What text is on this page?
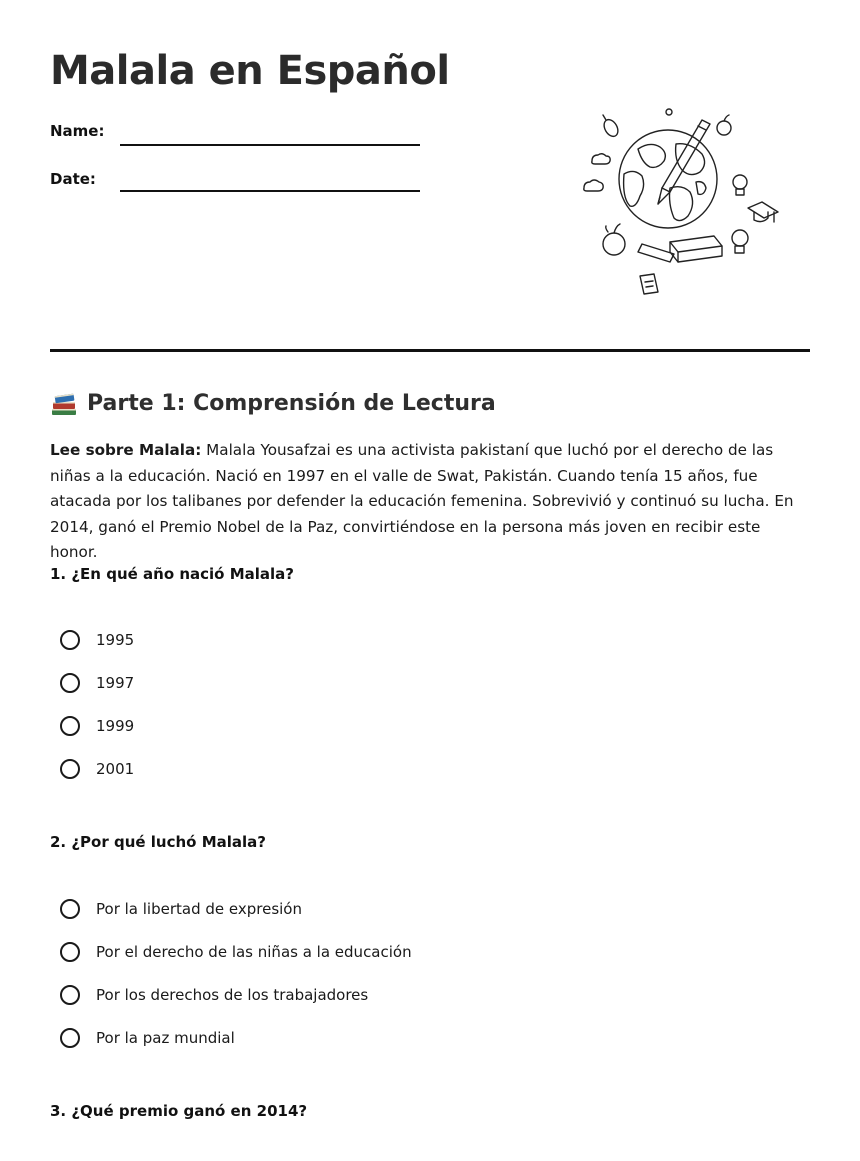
Malala en Español
Name:
Date:
Parte 1: Comprensión de Lectura

Lee sobre Malala: Malala Yousafzai es una activista pakistaní que luchó por el derecho de las niñas a la educación. Nació en 1997 en el valle de Swat, Pakistán. Cuando tenía 15 años, fue atacada por los talibanes por defender la educación femenina. Sobrevivió y continuó su lucha. En 2014, ganó el Premio Nobel de la Paz, convirtiéndose en la persona más joven en recibir este honor.

1. ¿En qué año nació Malala?
1995
1997
1999
2001
2. ¿Por qué luchó Malala?
Por la libertad de expresión
Por el derecho de las niñas a la educación
Por los derechos de los trabajadores
Por la paz mundial
3. ¿Qué premio ganó en 2014?
